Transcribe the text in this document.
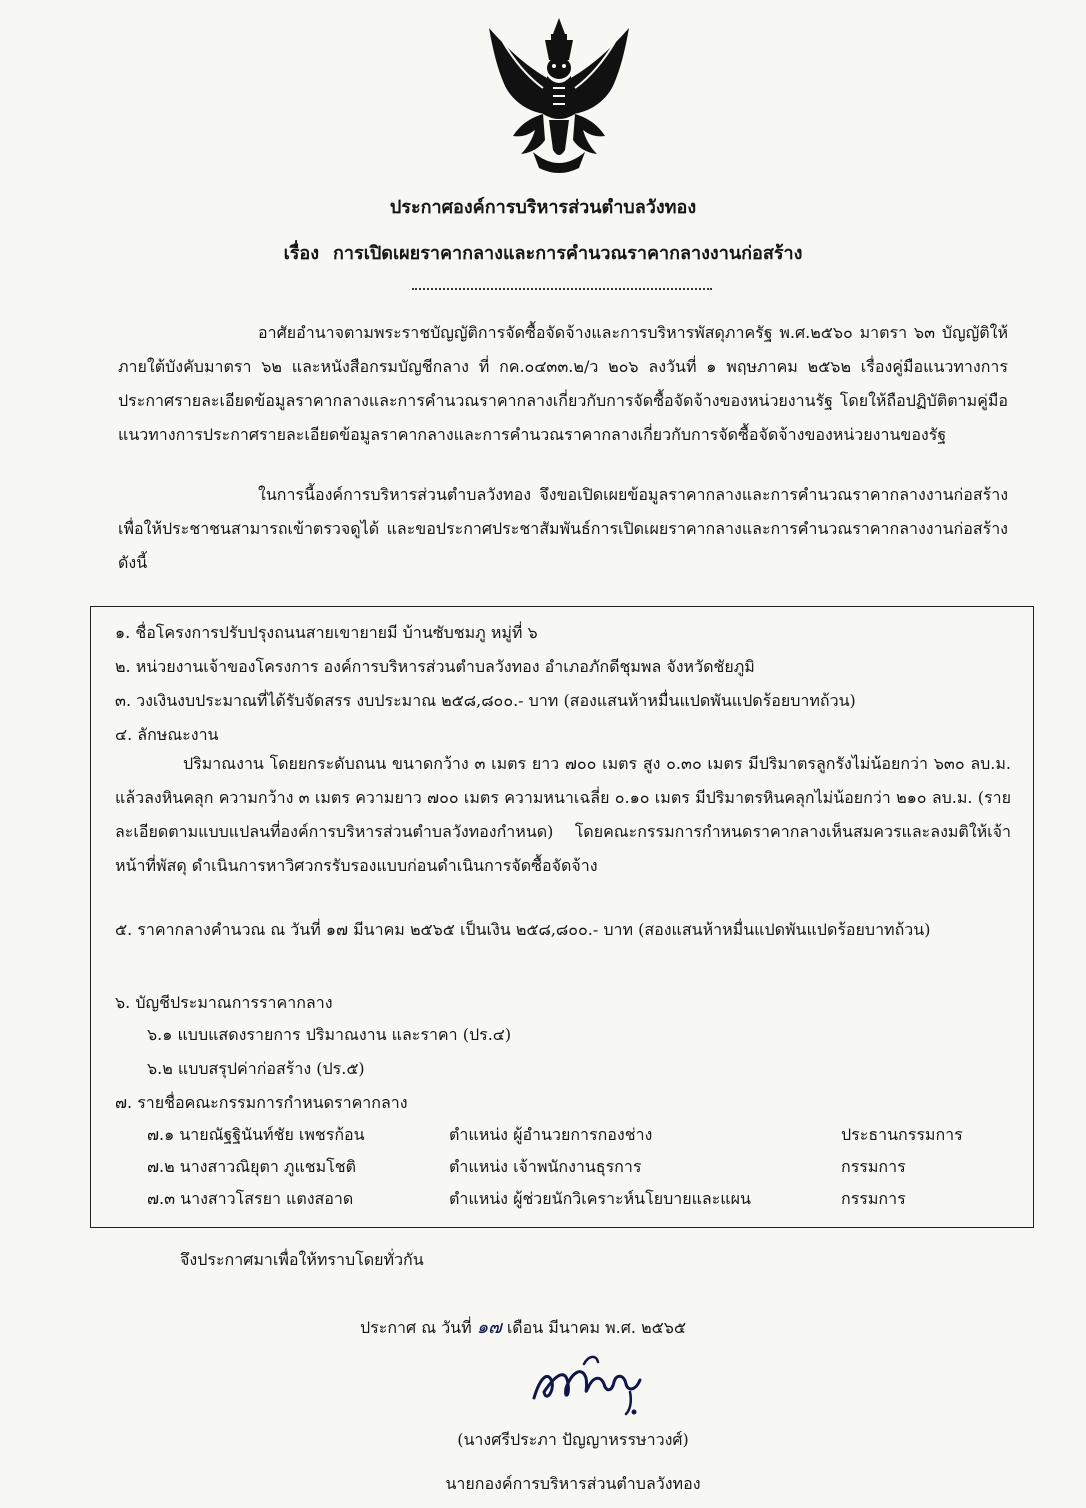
ประกาศองค์การบริหารส่วนตำบลวังทอง
เรื่อง การเปิดเผยราคากลางและการคำนวณราคากลางงานก่อสร้าง

อาศัยอำนาจตามพระราชบัญญัติการจัดซื้อจัดจ้างและการบริหารพัสดุภาครัฐ พ.ศ.๒๕๖๐ มาตรา ๖๓ บัญญัติให้ภายใต้บังคับมาตรา ๖๒ และหนังสือกรมบัญชีกลาง ที่ กค.๐๔๓๓.๒/ว ๒๐๖ ลงวันที่ ๑ พฤษภาคม ๒๕๖๒ เรื่องคู่มือแนวทางการประกาศรายละเอียดข้อมูลราคากลางและการคำนวณราคากลางเกี่ยวกับการจัดซื้อจัดจ้างของหน่วยงานรัฐ โดยให้ถือปฏิบัติตามคู่มือแนวทางการประกาศรายละเอียดข้อมูลราคากลางและการคำนวณราคากลางเกี่ยวกับการจัดซื้อจัดจ้างของหน่วยงานของรัฐ

ในการนี้องค์การบริหารส่วนตำบลวังทอง จึงขอเปิดเผยข้อมูลราคากลางและการคำนวณราคากลางงานก่อสร้าง เพื่อให้ประชาชนสามารถเข้าตรวจดูได้ และขอประกาศประชาสัมพันธ์การเปิดเผยราคากลางและการคำนวณราคากลางงานก่อสร้าง ดังนี้

๑. ชื่อโครงการปรับปรุงถนนสายเขายายมี บ้านซับชมภู หมู่ที่ ๖
๒. หน่วยงานเจ้าของโครงการ องค์การบริหารส่วนตำบลวังทอง อำเภอภักดีชุมพล จังหวัดชัยภูมิ
๓. วงเงินงบประมาณที่ได้รับจัดสรร งบประมาณ ๒๕๘,๘๐๐.- บาท (สองแสนห้าหมื่นแปดพันแปดร้อยบาทถ้วน)
๔. ลักษณะงาน

ปริมาณงาน โดยยกระดับถนน ขนาดกว้าง ๓ เมตร ยาว ๗๐๐ เมตร สูง ๐.๓๐ เมตร มีปริมาตรลูกรังไม่น้อยกว่า ๖๓๐ ลบ.ม. แล้วลงหินคลุก ความกว้าง ๓ เมตร ความยาว ๗๐๐ เมตร ความหนาเฉลี่ย ๐.๑๐ เมตร มีปริมาตรหินคลุกไม่น้อยกว่า ๒๑๐ ลบ.ม. (รายละเอียดตามแบบแปลนที่องค์การบริหารส่วนตำบลวังทองกำหนด) โดยคณะกรรมการกำหนดราคากลางเห็นสมควรและลงมติให้เจ้าหน้าที่พัสดุ ดำเนินการหาวิศวกรรับรองแบบก่อนดำเนินการจัดซื้อจัดจ้าง

๕. ราคากลางคำนวณ ณ วันที่ ๑๗ มีนาคม ๒๕๖๕ เป็นเงิน ๒๕๘,๘๐๐.- บาท (สองแสนห้าหมื่นแปดพันแปดร้อยบาทถ้วน)

๖. บัญชีประมาณการราคากลาง
๖.๑ แบบแสดงรายการ ปริมาณงาน และราคา (ปร.๔)
๖.๒ แบบสรุปค่าก่อสร้าง (ปร.๕)
๗. รายชื่อคณะกรรมการกำหนดราคากลาง
๗.๑ นายณัฐฐินันท์ชัย เพชรก้อน	ตำแหน่ง ผู้อำนวยการกองช่าง	ประธานกรรมการ
๗.๒ นางสาวณิยุตา ภูแชมโชติ	ตำแหน่ง เจ้าพนักงานธุรการ	กรรมการ
๗.๓ นางสาวโสรยา แตงสอาด	ตำแหน่ง ผู้ช่วยนักวิเคราะห์นโยบายและแผน	กรรมการ
จึงประกาศมาเพื่อให้ทราบโดยทั่วกัน
ประกาศ ณ วันที่ ๑๗ เดือน มีนาคม พ.ศ. ๒๕๖๕
(นางศรีประภา ปัญญาหรรษาวงศ์)
นายกองค์การบริหารส่วนตำบลวังทอง
